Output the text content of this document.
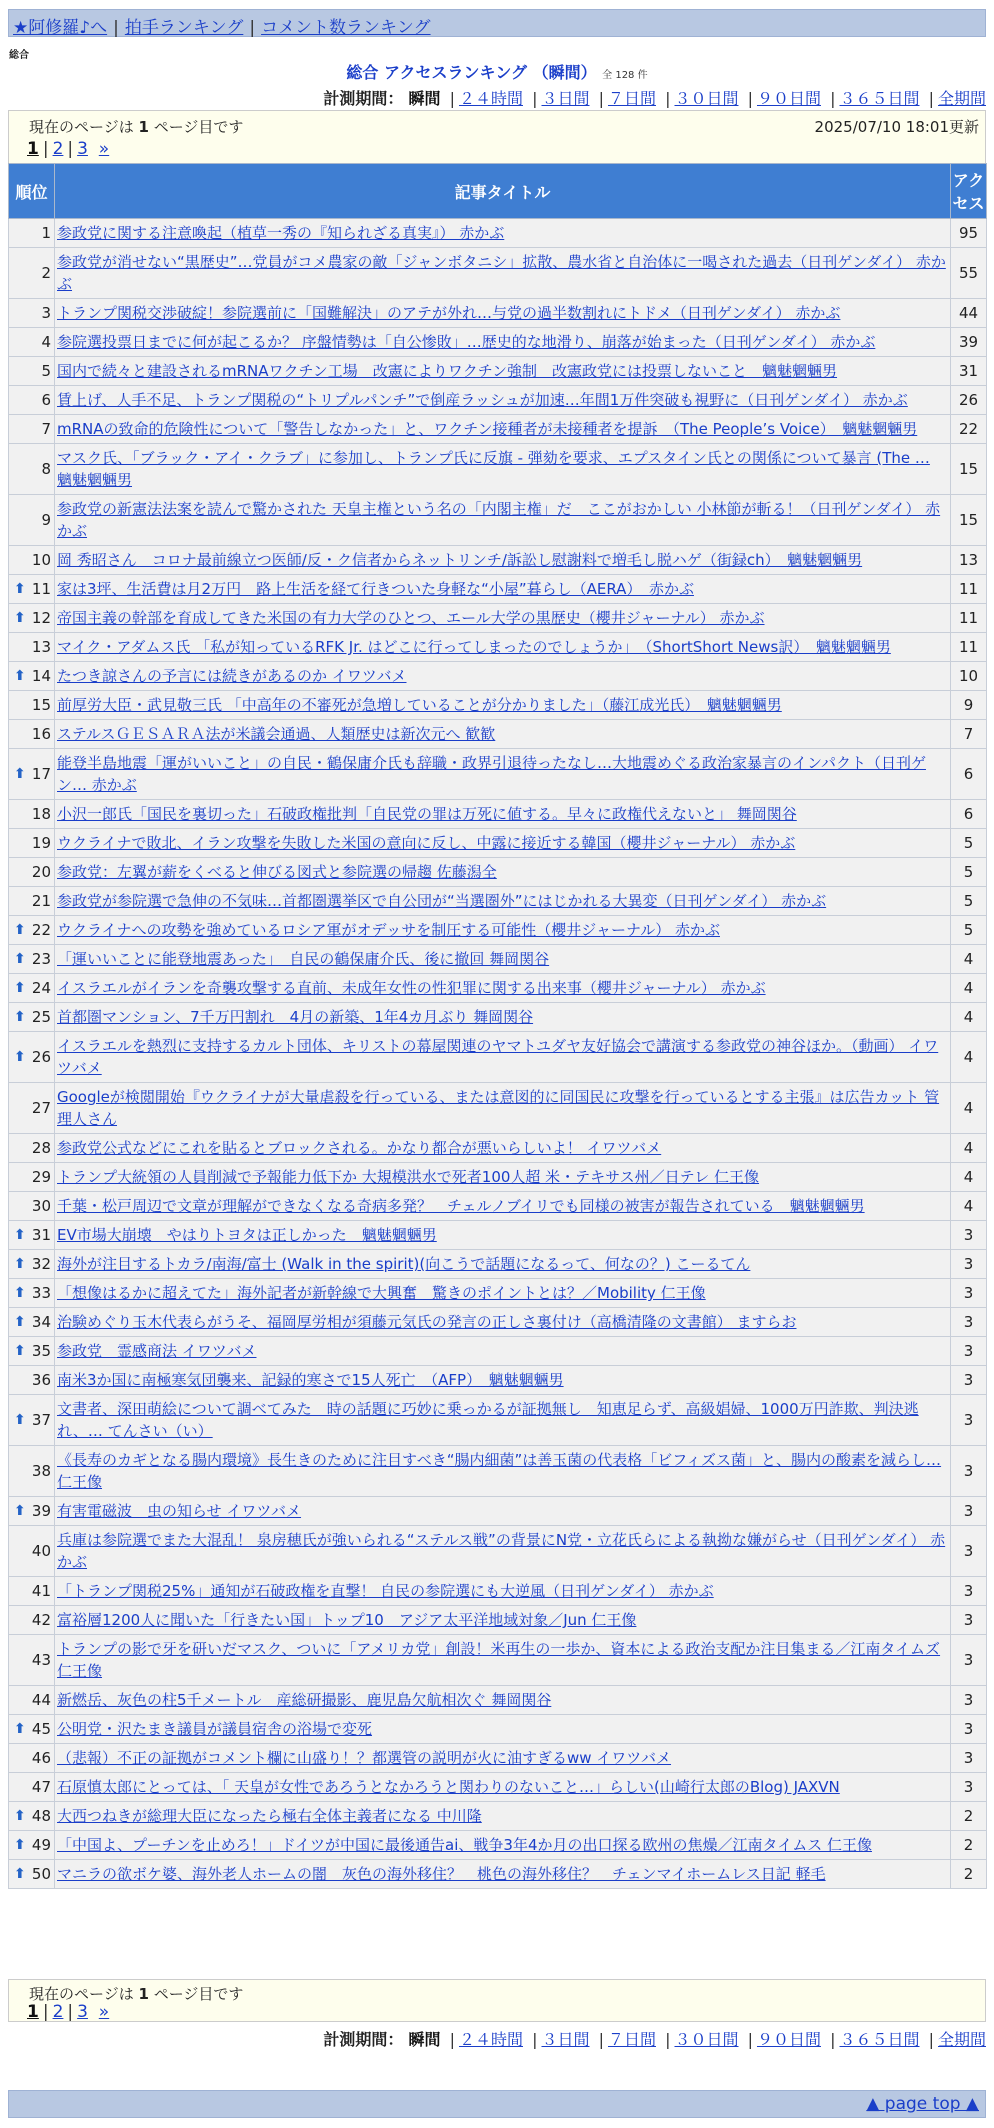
★阿修羅♪へ | 拍手ランキング | コメント数ランキング
総合
総合 アクセスランキング （瞬間） 全 128 件
計測期間： 瞬間 | ２４時間 | ３日間 | ７日間 | ３０日間 | ９０日間 | ３６５日間 | 全期間
現在のページは 1 ページ目です	2025/07/10 18:01更新
1 | 2 | 3 »
順位	記事タイトル	アクセス
1	参政党に関する注意喚起（植草一秀の『知られざる真実』） 赤かぶ	95
2	参政党が消せない“黒歴史”…党員がコメ農家の敵「ジャンボタニシ」拡散、農水省と自治体に一喝された過去（日刊ゲンダイ） 赤かぶ	55
3	トランプ関税交渉破綻！参院選前に「国難解決」のアテが外れ…与党の過半数割れにトドメ（日刊ゲンダイ） 赤かぶ	44
4	参院選投票日までに何が起こるか？ 序盤情勢は「自公惨敗」…歴史的な地滑り、崩落が始まった（日刊ゲンダイ） 赤かぶ	39
5	国内で続々と建設されるmRNAワクチン工場　改憲によりワクチン強制　改憲政党には投票しないこと　魑魅魍魎男	31
6	賃上げ、人手不足、トランプ関税の“トリプルパンチ”で倒産ラッシュが加速…年間1万件突破も視野に（日刊ゲンダイ） 赤かぶ	26
7	mRNAの致命的危険性について「警告しなかった」と、ワクチン接種者が未接種者を提訴　（The People’s Voice）　魑魅魍魎男	22
8	マスク氏、「ブラック・アイ・クラブ」に参加し、トランプ氏に反旗 - 弾劾を要求、エプスタイン氏との関係について暴言 (The … 魑魅魍魎男	15
9	参政党の新憲法法案を読んで驚かされた 天皇主権という名の「内閣主権」だ　ここがおかしい 小林節が斬る！（日刊ゲンダイ） 赤かぶ	15
10	岡 秀昭さん　コロナ最前線立つ医師/反・ク信者からネットリンチ/訴訟し慰謝料で増毛し脱ハゲ（街録ch）　魑魅魍魎男	13

⬆ 11	家は3坪、生活費は月2万円　路上生活を経て行きついた身軽な“小屋”暮らし（AERA）　赤かぶ	11

⬆ 12	帝国主義の幹部を育成してきた米国の有力大学のひとつ、エール大学の黒歴史（櫻井ジャーナル） 赤かぶ	11
13	マイク・アダムス氏 「私が知っているRFK Jr. はどこに行ってしまったのでしょうか」　（ShortShort News訳）　魑魅魍魎男	11

⬆ 14	たつき諒さんの予言には続きがあるのか イワツバメ	10
15	前厚労大臣・武見敬三氏 「中高年の不審死が急増していることが分かりました」（藤江成光氏）　魑魅魍魎男	9
16	ステルスＧＥＳＡＲＡ法が米議会通過、人類歴史は新次元へ 歓歓	7

⬆ 17	能登半島地震「運がいいこと」の自民・鶴保庸介氏も辞職・政界引退待ったなし…大地震めぐる政治家暴言のインパクト（日刊ゲン… 赤かぶ	6
18	小沢一郎氏「国民を裏切った」石破政権批判「自民党の罪は万死に値する。早々に政権代えないと」 舞岡関谷	6
19	ウクライナで敗北、イラン攻撃を失敗した米国の意向に反し、中露に接近する韓国（櫻井ジャーナル） 赤かぶ	5
20	参政党：左翼が薪をくべると伸びる図式と参院選の帰趨 佐藤潟全	5
21	参政党が参院選で急伸の不気味…首都圏選挙区で自公団が“当選圏外”にはじかれる大異変（日刊ゲンダイ） 赤かぶ	5

⬆ 22	ウクライナへの攻勢を強めているロシア軍がオデッサを制圧する可能性（櫻井ジャーナル） 赤かぶ	5

⬆ 23	「運いいことに能登地震あった」　自民の鶴保庸介氏、後に撤回 舞岡関谷	4

⬆ 24	イスラエルがイランを奇襲攻撃する直前、未成年女性の性犯罪に関する出来事（櫻井ジャーナル） 赤かぶ	4

⬆ 25	首都圏マンション、7千万円割れ　4月の新築、1年4カ月ぶり 舞岡関谷	4

⬆ 26	イスラエルを熱烈に支持するカルト団体、キリストの幕屋関連のヤマトユダヤ友好協会で講演する参政党の神谷ほか。（動画） イワツバメ	4
27	Googleが検閲開始『ウクライナが大量虐殺を行っている、または意図的に同国民に攻撃を行っているとする主張』は広告カット 管理人さん	4
28	参政党公式などにこれを貼るとブロックされる。かなり都合が悪いらしいよ！ イワツバメ	4
29	トランプ大統領の人員削減で予報能力低下か 大規模洪水で死者100人超 米・テキサス州／日テレ 仁王像	4
30	千葉・松戸周辺で文章が理解ができなくなる奇病多発？　チェルノブイリでも同様の被害が報告されている　魑魅魍魎男	4

⬆ 31	EV市場大崩壊　やはりトヨタは正しかった　魑魅魍魎男	3

⬆ 32	海外が注目するトカラ/南海/富士 (Walk in the spirit)(向こうで話題になるって、何なの？) こーるてん	3

⬆ 33	「想像はるかに超えてた」海外記者が新幹線で大興奮　驚きのポイントとは？／Mobility 仁王像	3

⬆ 34	治験めぐり玉木代表らがうそ、福岡厚労相が須藤元気氏の発言の正しさ裏付け（高橋清隆の文書館） ますらお	3

⬆ 35	参政党　霊感商法 イワツバメ	3
36	南米3か国に南極寒気団襲来、記録的寒さで15人死亡　（AFP）　魑魅魍魎男	3

⬆ 37	文書者、深田萌絵について調べてみた　時の話題に巧妙に乗っかるが証拠無し　知恵足らず、高級娼婦、1000万円詐欺、判決逃れ、… てんさい（い）	3
38	《長寿のカギとなる腸内環境》長生きのために注目すべき“腸内細菌”は善玉菌の代表格「ビフィズス菌」と、腸内の酸素を減らし… 仁王像	3

⬆ 39	有害電磁波　虫の知らせ イワツバメ	3
40	兵庫は参院選でまた大混乱！ 泉房穂氏が強いられる“ステルス戦”の背景にN党・立花氏らによる執拗な嫌がらせ（日刊ゲンダイ） 赤かぶ	3
41	「トランプ関税25%」通知が石破政権を直撃！ 自民の参院選にも大逆風（日刊ゲンダイ） 赤かぶ	3
42	富裕層1200人に聞いた「行きたい国」トップ10　アジア太平洋地域対象／Jun 仁王像	3
43	トランプの影で牙を研いだマスク、ついに「アメリカ党」創設！米再生の一歩か、資本による政治支配か注目集まる／江南タイムズ 仁王像	3
44	新燃岳、灰色の柱5千メートル　産総研撮影、鹿児島欠航相次ぐ 舞岡関谷	3

⬆ 45	公明党・沢たまき議員が議員宿舎の浴場で変死	3
46	（悲報）不正の証拠がコメント欄に山盛り！？都選管の説明が火に油すぎるww イワツバメ	3
47	石原慎太郎にとっては、「 天皇が女性であろうとなかろうと関わりのないこと…」らしい(山崎行太郎のBlog) JAXVN	3

⬆ 48	大西つねきが総理大臣になったら極右全体主義者になる 中川隆	2

⬆ 49	「中国よ、プーチンを止めろ！」ドイツが中国に最後通告ai、戦争3年4か月の出口探る欧州の焦燥／江南タイムス 仁王像	2

⬆ 50	マニラの欲ボケ婆、海外老人ホームの闇　灰色の海外移住？　桃色の海外移住？　チェンマイホームレス日記 軽毛	2
現在のページは 1 ページ目です
1 | 2 | 3 »
計測期間： 瞬間 | ２４時間 | ３日間 | ７日間 | ３０日間 | ９０日間 | ３６５日間 | 全期間
▲ page top ▲
